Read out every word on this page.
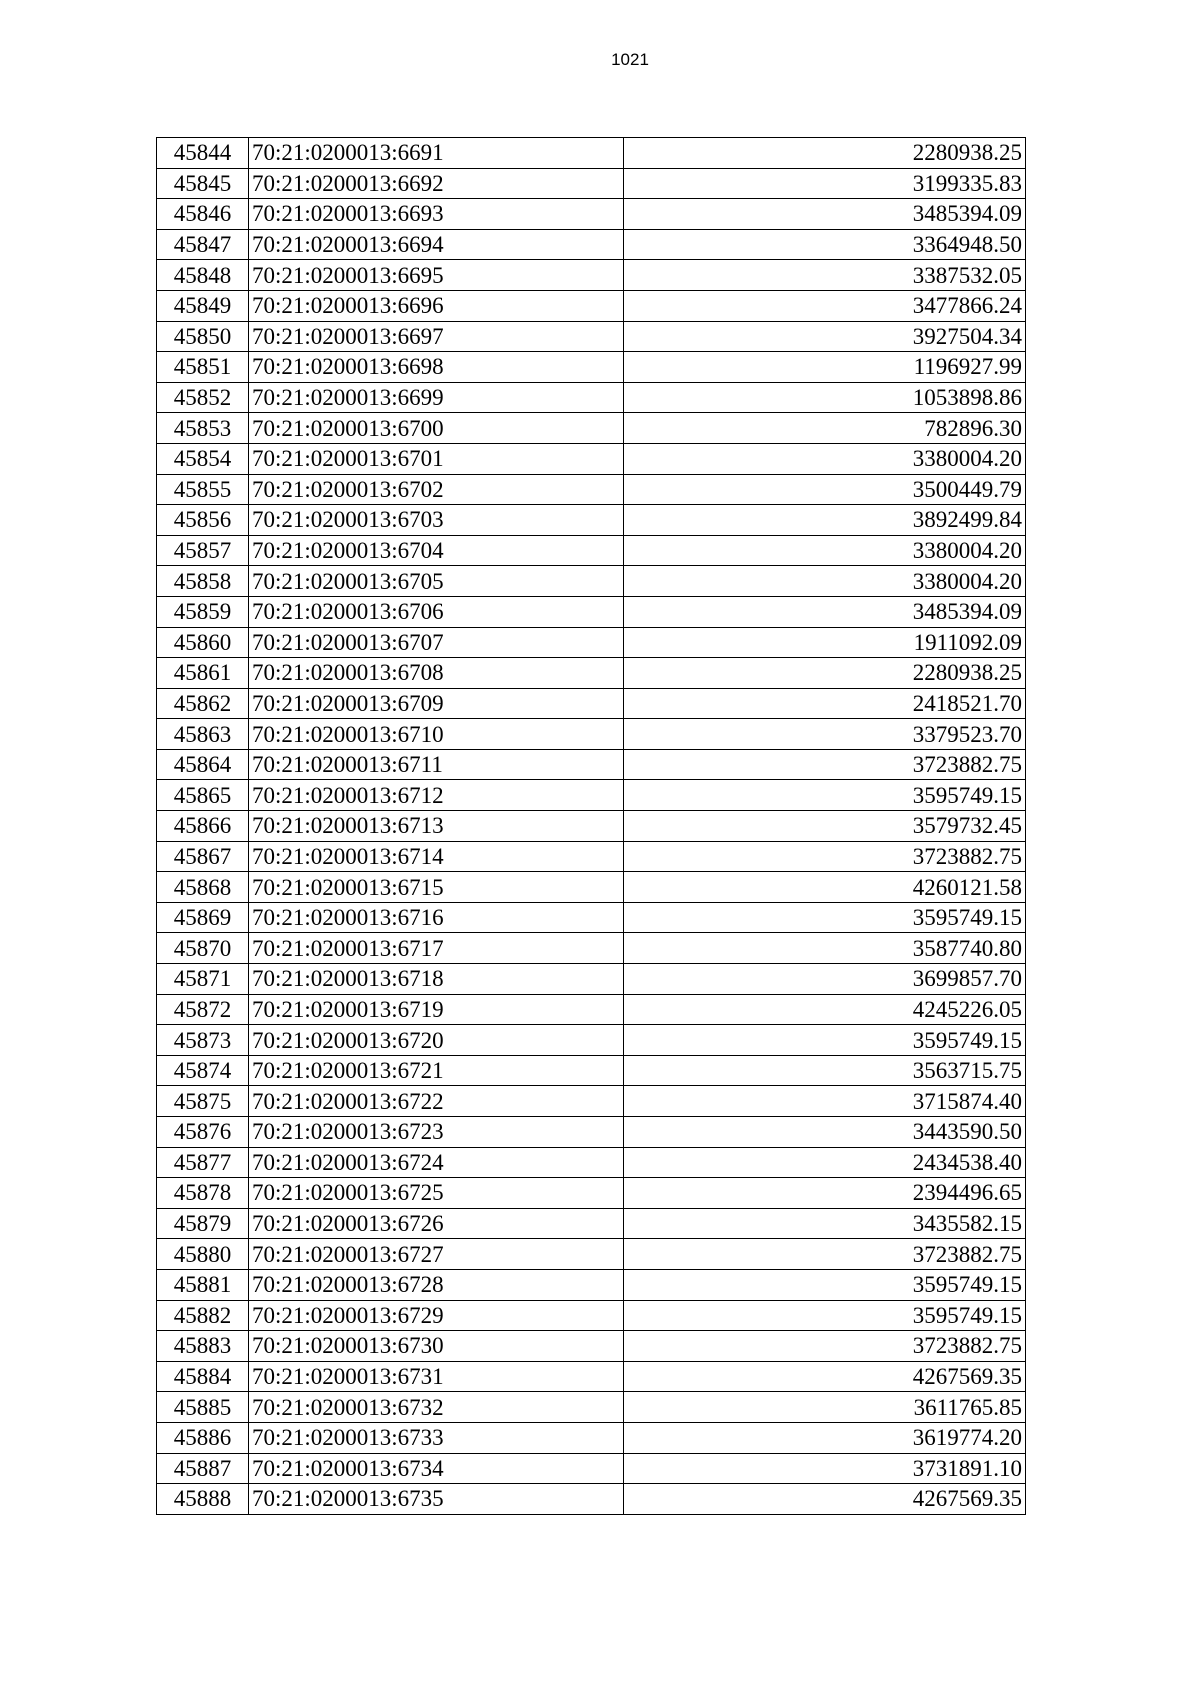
1021
45844	70:21:0200013:6691	2280938.25
45845	70:21:0200013:6692	3199335.83
45846	70:21:0200013:6693	3485394.09
45847	70:21:0200013:6694	3364948.50
45848	70:21:0200013:6695	3387532.05
45849	70:21:0200013:6696	3477866.24
45850	70:21:0200013:6697	3927504.34
45851	70:21:0200013:6698	1196927.99
45852	70:21:0200013:6699	1053898.86
45853	70:21:0200013:6700	782896.30
45854	70:21:0200013:6701	3380004.20
45855	70:21:0200013:6702	3500449.79
45856	70:21:0200013:6703	3892499.84
45857	70:21:0200013:6704	3380004.20
45858	70:21:0200013:6705	3380004.20
45859	70:21:0200013:6706	3485394.09
45860	70:21:0200013:6707	1911092.09
45861	70:21:0200013:6708	2280938.25
45862	70:21:0200013:6709	2418521.70
45863	70:21:0200013:6710	3379523.70
45864	70:21:0200013:6711	3723882.75
45865	70:21:0200013:6712	3595749.15
45866	70:21:0200013:6713	3579732.45
45867	70:21:0200013:6714	3723882.75
45868	70:21:0200013:6715	4260121.58
45869	70:21:0200013:6716	3595749.15
45870	70:21:0200013:6717	3587740.80
45871	70:21:0200013:6718	3699857.70
45872	70:21:0200013:6719	4245226.05
45873	70:21:0200013:6720	3595749.15
45874	70:21:0200013:6721	3563715.75
45875	70:21:0200013:6722	3715874.40
45876	70:21:0200013:6723	3443590.50
45877	70:21:0200013:6724	2434538.40
45878	70:21:0200013:6725	2394496.65
45879	70:21:0200013:6726	3435582.15
45880	70:21:0200013:6727	3723882.75
45881	70:21:0200013:6728	3595749.15
45882	70:21:0200013:6729	3595749.15
45883	70:21:0200013:6730	3723882.75
45884	70:21:0200013:6731	4267569.35
45885	70:21:0200013:6732	3611765.85
45886	70:21:0200013:6733	3619774.20
45887	70:21:0200013:6734	3731891.10
45888	70:21:0200013:6735	4267569.35
